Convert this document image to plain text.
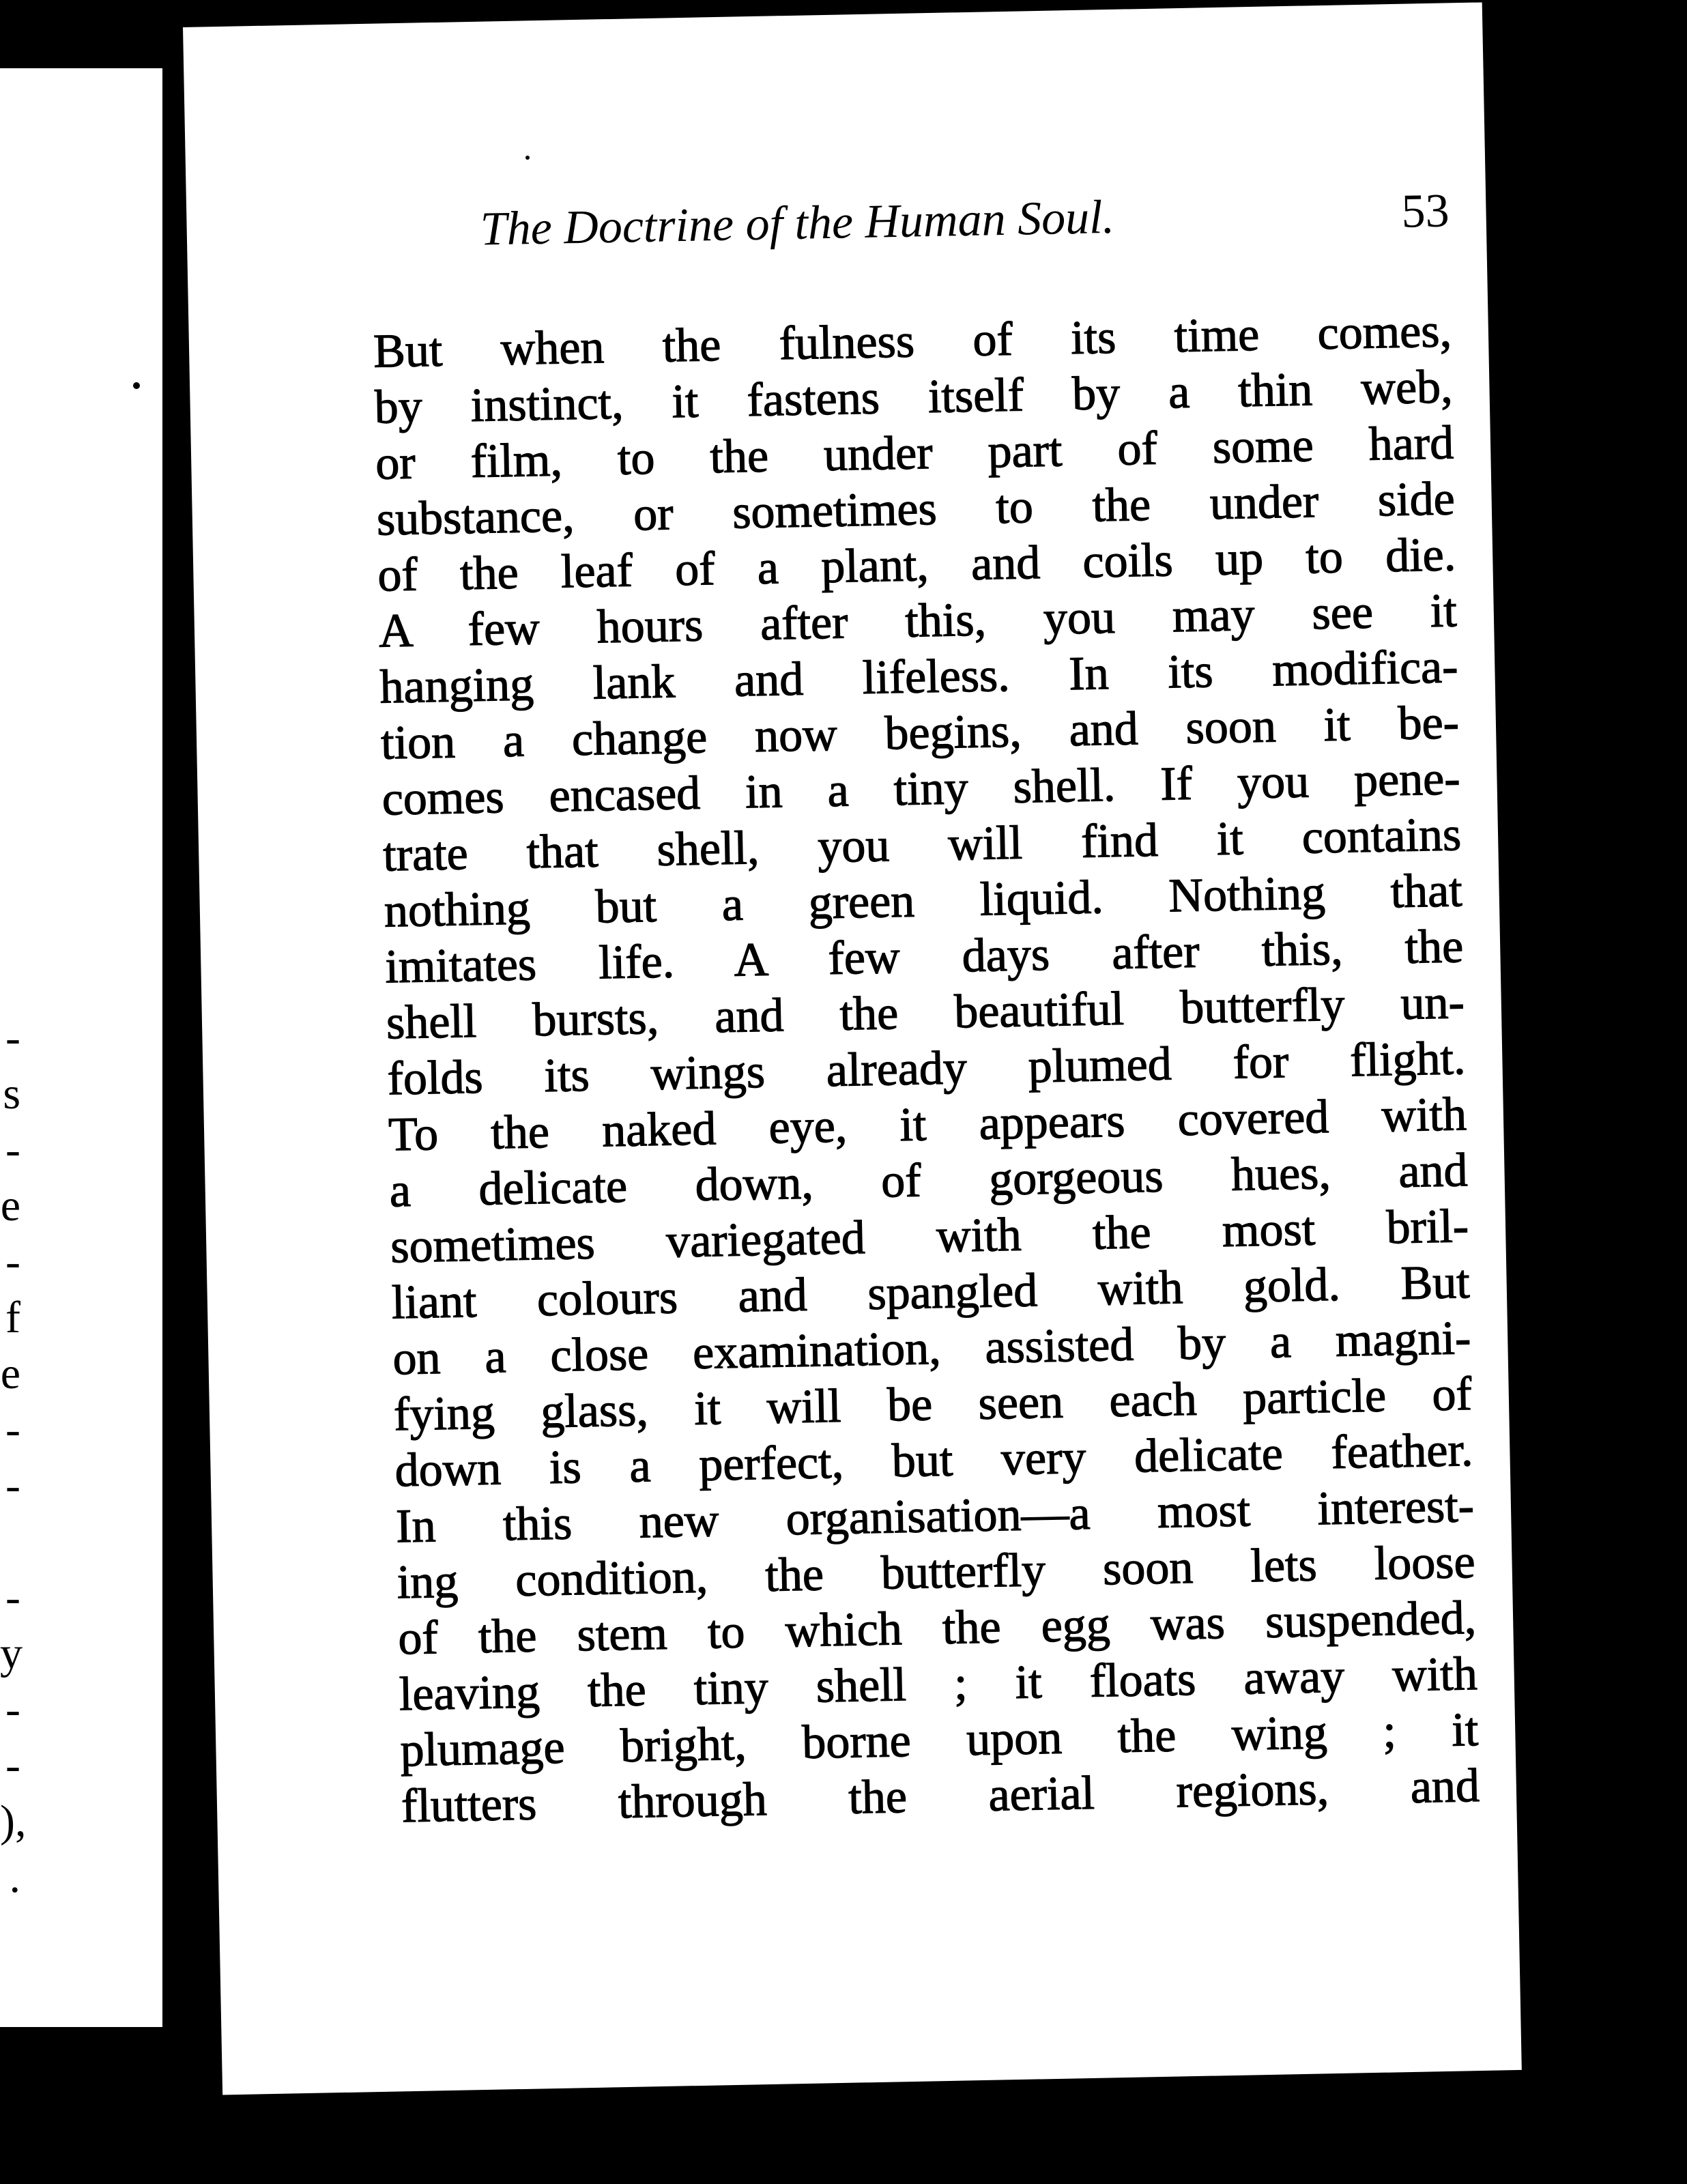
-
s
-
e
-
f
e
-
-
-
y
-
-
),
.
The Doctrine of the Human Soul.	53
But when the fulness of its time comes,
by instinct, it fastens itself by a thin web,
or film, to the under part of some hard
substance, or sometimes to the under side
of the leaf of a plant, and coils up to die.
A few hours after this, you may see it
hanging lank and lifeless. In its modifica-
tion a change now begins, and soon it be-
comes encased in a tiny shell. If you pene-
trate that shell, you will find it contains
nothing but a green liquid. Nothing that
imitates life. A few days after this, the
shell bursts, and the beautiful butterfly un-
folds its wings already plumed for flight.
To the naked eye, it appears covered with
a delicate down, of gorgeous hues, and
sometimes variegated with the most bril-
liant colours and spangled with gold. But
on a close examination, assisted by a magni-
fying glass, it will be seen each particle of
down is a perfect, but very delicate feather.
In this new organisation—a most interest-
ing condition, the butterfly soon lets loose
of the stem to which the egg was suspended,
leaving the tiny shell ; it floats away with
plumage bright, borne upon the wing ; it
flutters through the aerial regions, and
